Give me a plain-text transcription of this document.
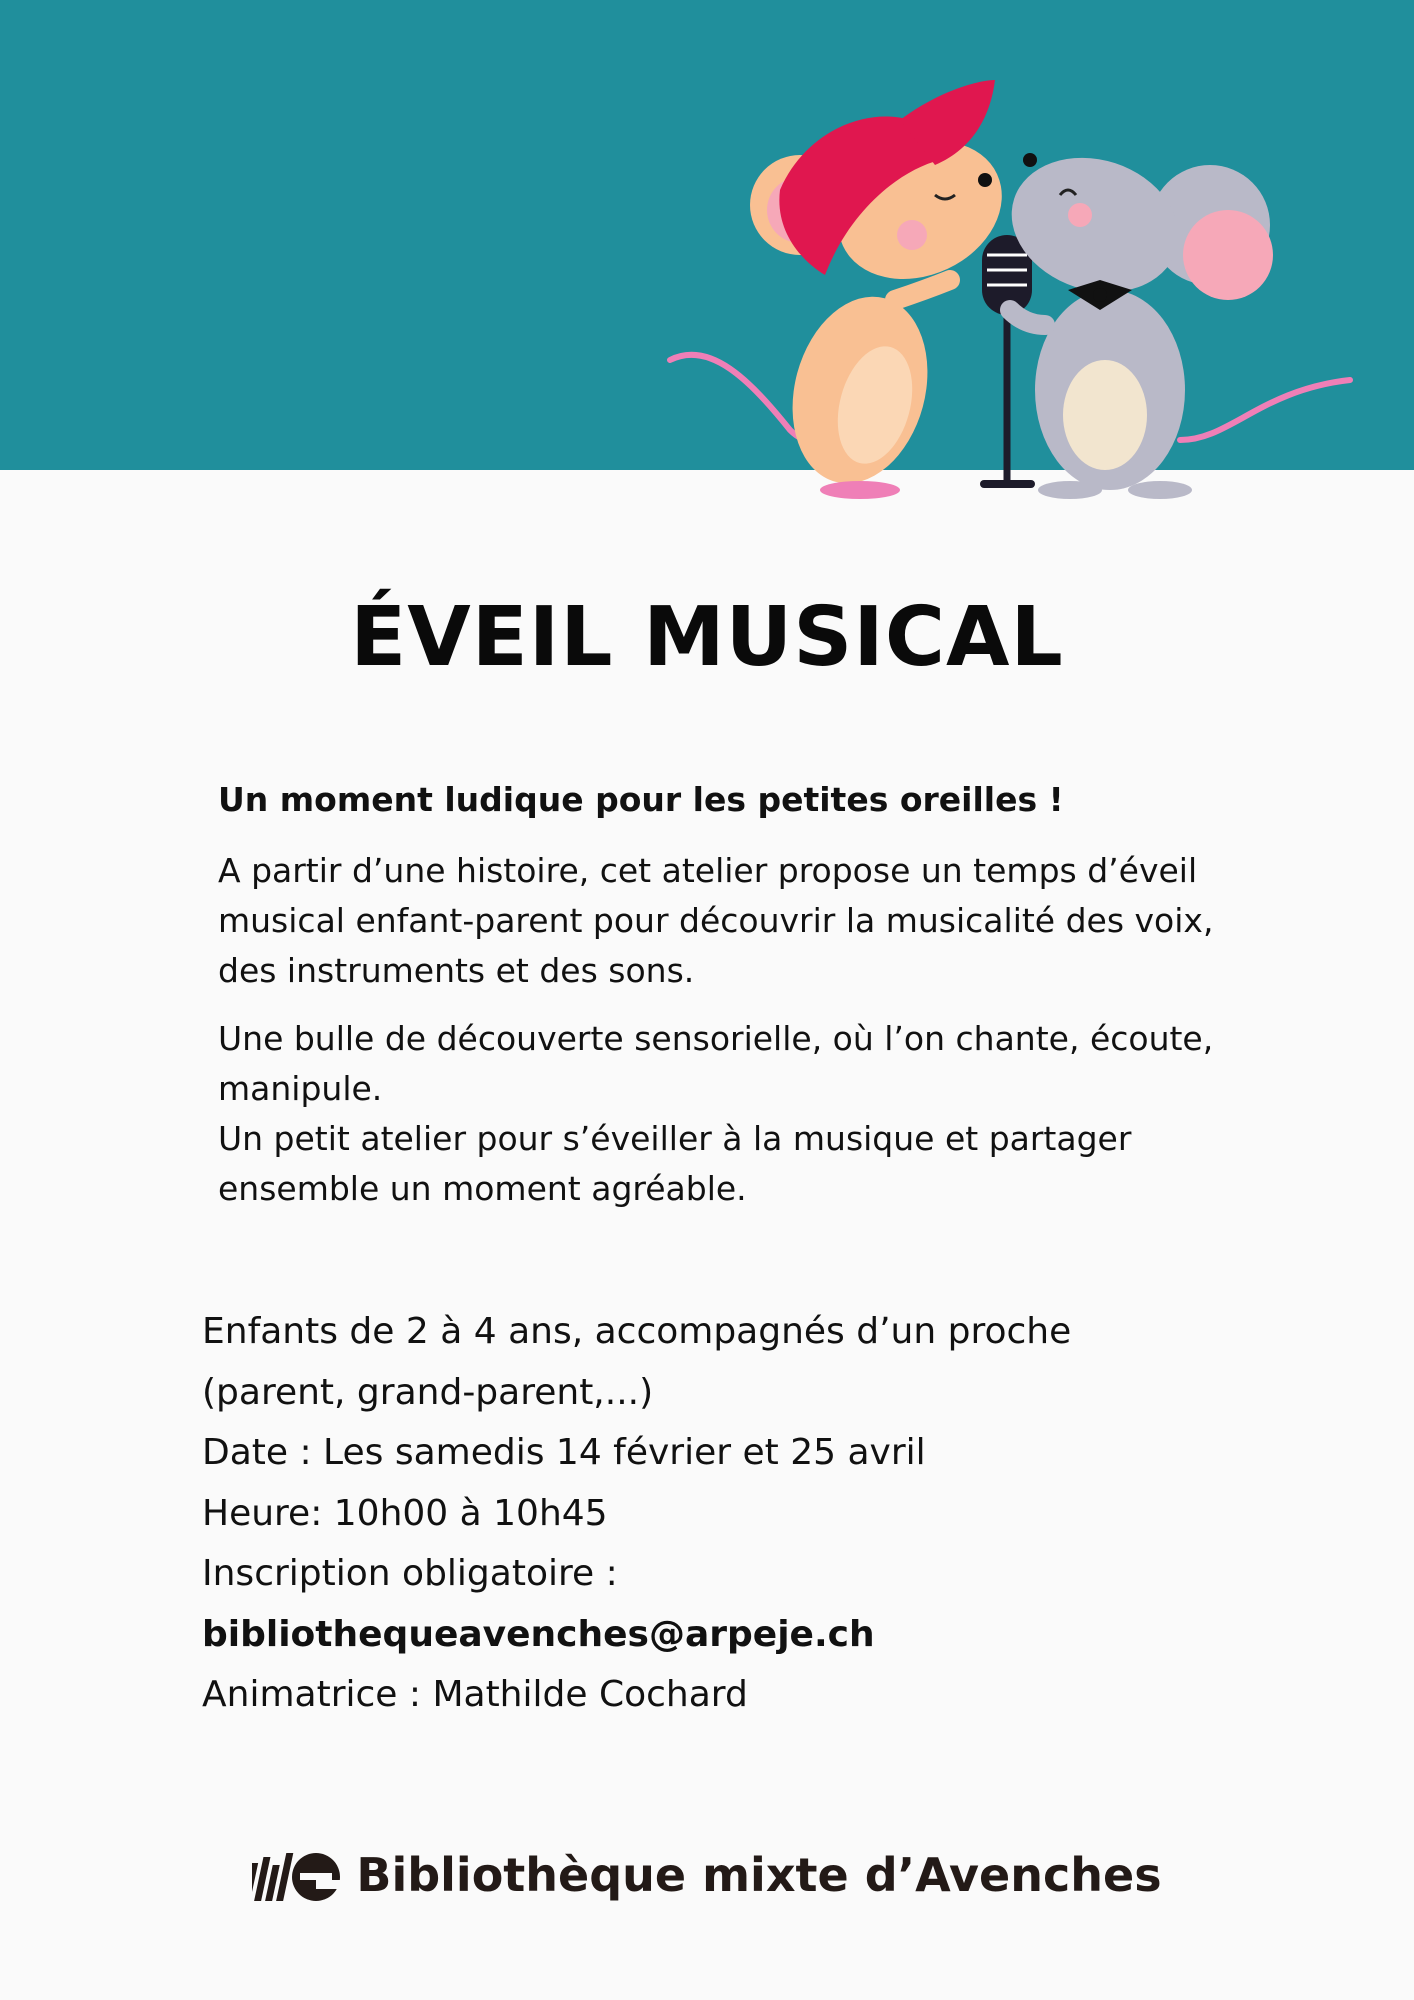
ÉVEIL MUSICAL
Un moment ludique pour les petites oreilles !

A partir d’une histoire, cet atelier propose un temps d’éveil musical enfant-parent pour découvrir la musicalité des voix, des instruments et des sons.

Une bulle de découverte sensorielle, où l’on chante, écoute, manipule.

Un petit atelier pour s’éveiller à la musique et partager ensemble un moment agréable.

Enfants de 2 à 4 ans, accompagnés d’un proche
(parent, grand-parent,...)
Date : Les samedis 14 février et 25 avril
Heure: 10h00 à 10h45
Inscription obligatoire :
bibliothequeavenches@arpeje.ch
Animatrice : Mathilde Cochard
Bibliothèque mixte d’Avenches
